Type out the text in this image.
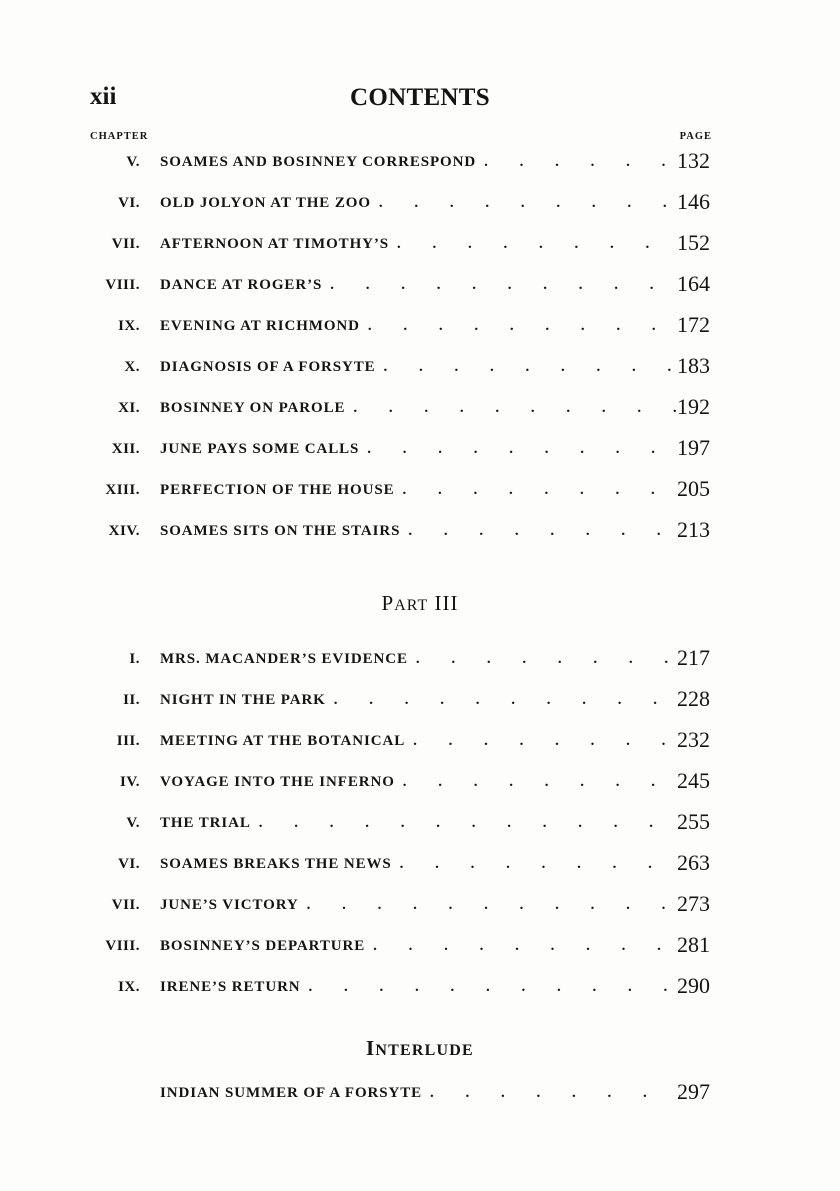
xii	CONTENTS
CHAPTER	PAGE
V. SOAMES AND BOSINNEY CORRESPOND . . .	132
VI. OLD JOLYON AT THE ZOO . . .	146
VII. AFTERNOON AT TIMOTHY’S . . .	152
VIII. DANCE AT ROGER’S . . .	164
IX. EVENING AT RICHMOND . . .	172
X. DIAGNOSIS OF A FORSYTE . . .	183
XI. BOSINNEY ON PAROLE . . .	192
XII. JUNE PAYS SOME CALLS . . .	197
XIII. PERFECTION OF THE HOUSE . . .	205
XIV. SOAMES SITS ON THE STAIRS . . .	213
PART III
I. MRS. MACANDER’S EVIDENCE . . .	217
II. NIGHT IN THE PARK . . .	228
III. MEETING AT THE BOTANICAL . . .	232
IV. VOYAGE INTO THE INFERNO . . .	245
V. THE TRIAL . . .	255
VI. SOAMES BREAKS THE NEWS . . .	263
VII. JUNE’S VICTORY . . .	273
VIII. BOSINNEY’S DEPARTURE . . .	281
IX. IRENE’S RETURN . . .	290
INTERLUDE
INDIAN SUMMER OF A FORSYTE . . .	297
